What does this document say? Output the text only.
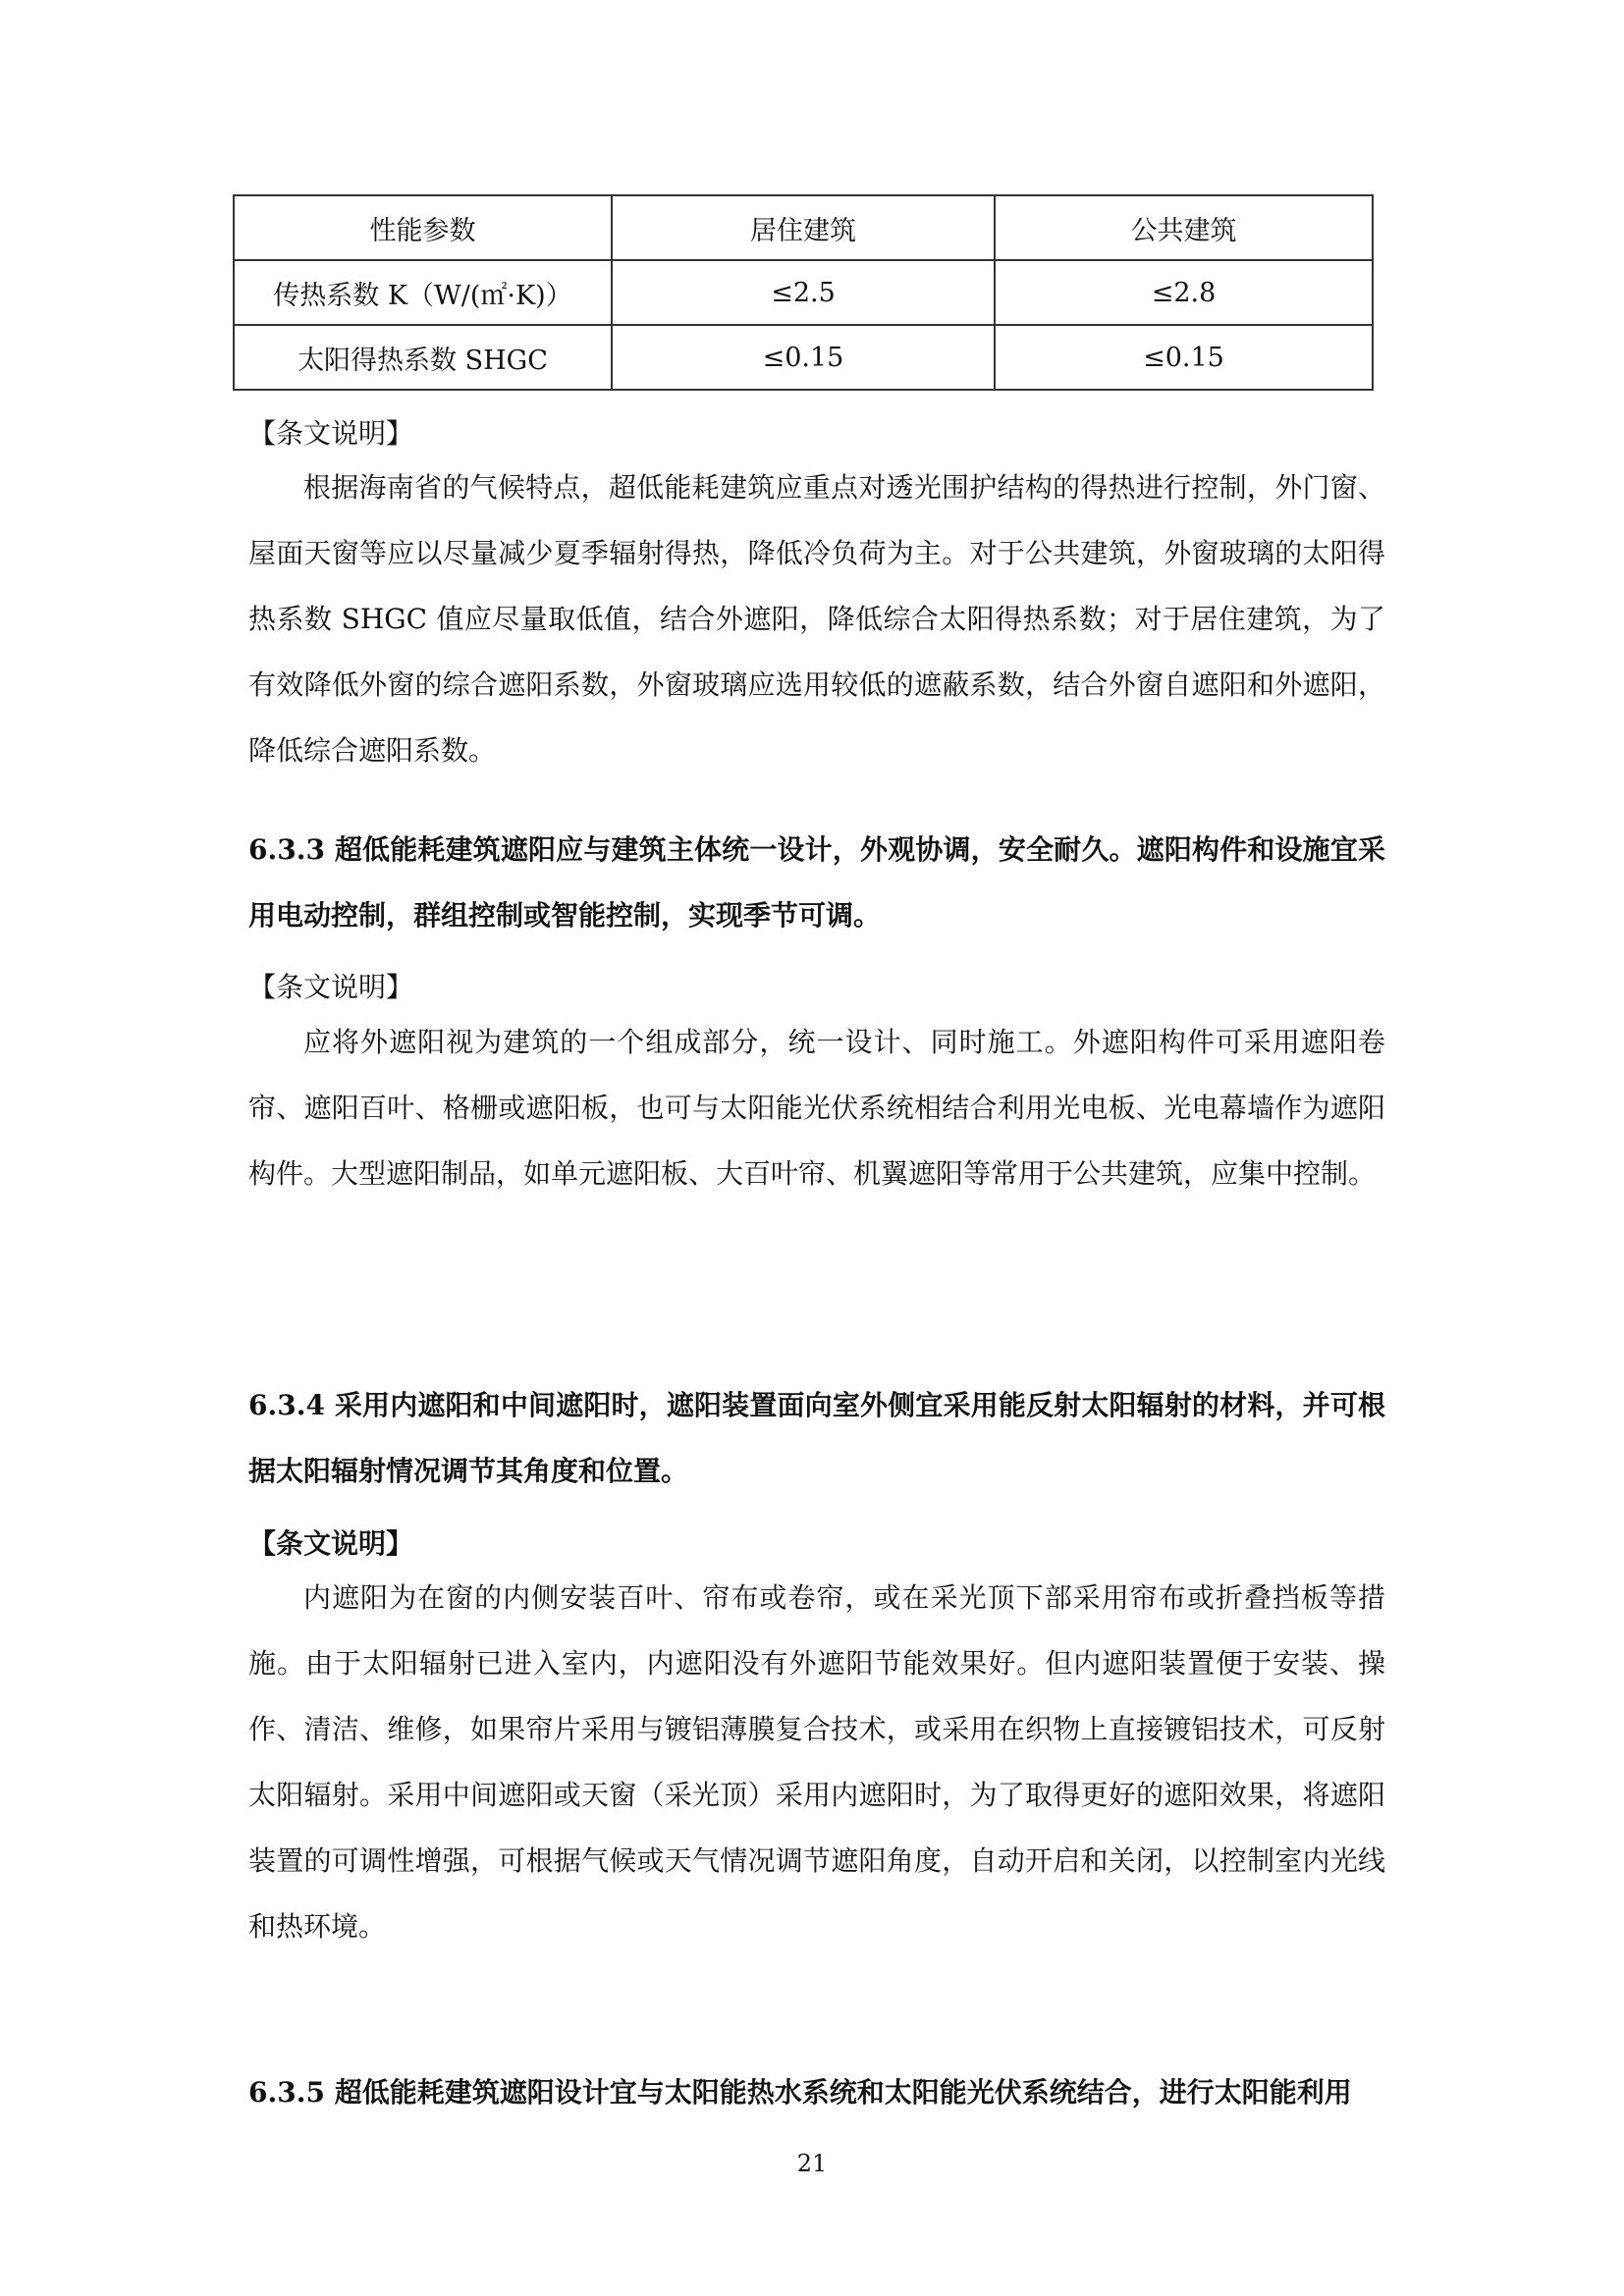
性能参数	居住建筑	公共建筑
传热系数 K（W/(㎡·K)）	≤2.5	≤2.8
太阳得热系数 SHGC	≤0.15	≤0.15

【条文说明】

根据海南省的气候特点，超低能耗建筑应重点对透光围护结构的得热进行控制，外门窗、屋面天窗等应以尽量减少夏季辐射得热，降低冷负荷为主。对于公共建筑，外窗玻璃的太阳得热系数 SHGC 值应尽量取低值，结合外遮阳，降低综合太阳得热系数；对于居住建筑，为了有效降低外窗的综合遮阳系数，外窗玻璃应选用较低的遮蔽系数，结合外窗自遮阳和外遮阳，降低综合遮阳系数。

6.3.3 超低能耗建筑遮阳应与建筑主体统一设计，外观协调，安全耐久。遮阳构件和设施宜采用电动控制，群组控制或智能控制，实现季节可调。

【条文说明】

应将外遮阳视为建筑的一个组成部分，统一设计、同时施工。外遮阳构件可采用遮阳卷帘、遮阳百叶、格栅或遮阳板，也可与太阳能光伏系统相结合利用光电板、光电幕墙作为遮阳构件。大型遮阳制品，如单元遮阳板、大百叶帘、机翼遮阳等常用于公共建筑，应集中控制。

6.3.4 采用内遮阳和中间遮阳时，遮阳装置面向室外侧宜采用能反射太阳辐射的材料，并可根据太阳辐射情况调节其角度和位置。

【条文说明】

内遮阳为在窗的内侧安装百叶、帘布或卷帘，或在采光顶下部采用帘布或折叠挡板等措施。由于太阳辐射已进入室内，内遮阳没有外遮阳节能效果好。但内遮阳装置便于安装、操作、清洁、维修，如果帘片采用与镀铝薄膜复合技术，或采用在织物上直接镀铝技术，可反射太阳辐射。采用中间遮阳或天窗（采光顶）采用内遮阳时，为了取得更好的遮阳效果，将遮阳装置的可调性增强，可根据气候或天气情况调节遮阳角度，自动开启和关闭，以控制室内光线和热环境。

6.3.5 超低能耗建筑遮阳设计宜与太阳能热水系统和太阳能光伏系统结合，进行太阳能利用

21
